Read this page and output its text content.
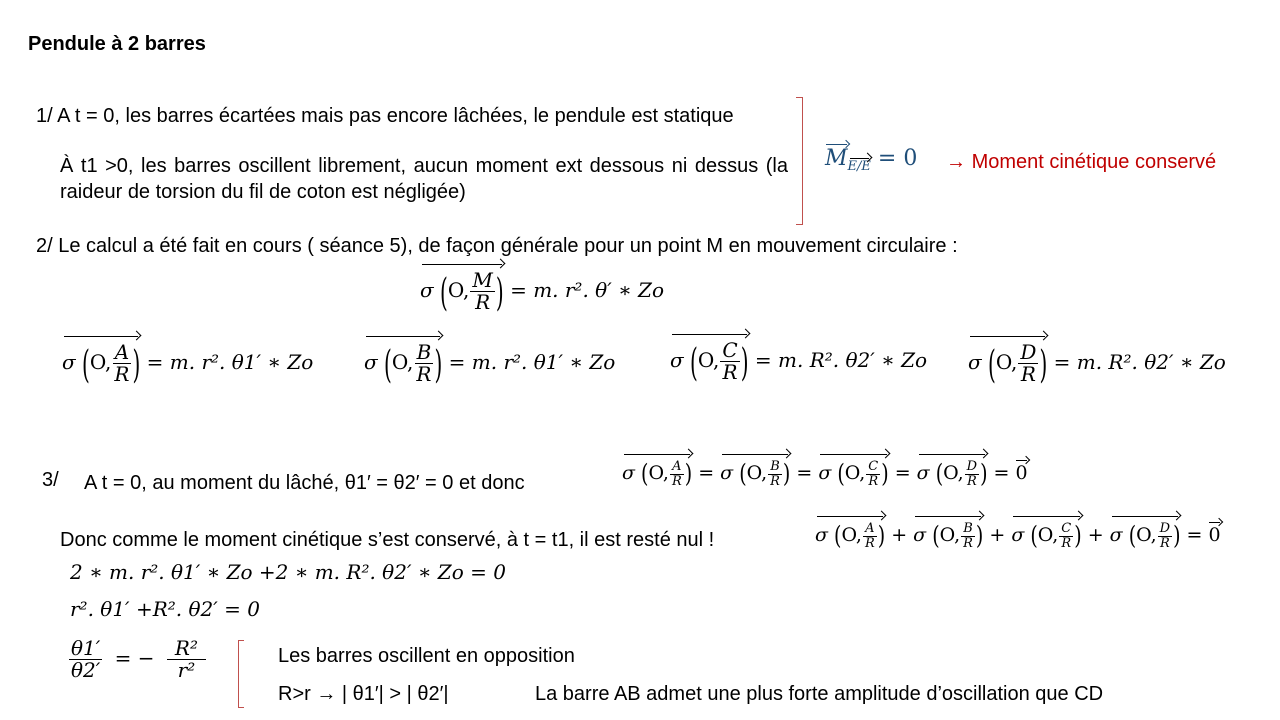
Pendule à 2 barres
1/ A t = 0, les barres écartées mais pas encore lâchées, le pendule est statique
À t1 >0, les barres oscillent librement, aucun moment ext dessous ni dessus (la raideur de torsion du fil de coton est négligée)
$M_{E/E} = 0$ → Moment cinétique conservé
2/ Le calcul a été fait en cours ( séance 5), de façon générale pour un point M en mouvement circulaire :
σ (O, $\frac{M}{R}$ ) = m. r². θ′ ∗ Zo
σ (O, $\frac{A}{R}$ ) = m. r². θ1′ ∗ Zo	σ (O, $\frac{B}{R}$ ) = m. r². θ1′ ∗ Zo	σ (O, $\frac{C}{R}$ ) = m. R². θ2′ ∗ Zo σ (O, $\frac{D}{R}$ ) = m. R². θ2′ ∗ Zo
3/ A t = 0, au moment du lâché, θ1′ = θ2′ = 0 et donc	σ (O, $\frac{A}{R}$ ) = σ (O, $\frac{B}{R}$ ) = σ (O, $\frac{C}{R}$ ) = σ (O, $\frac{D}{R}$ ) = 0
Donc comme le moment cinétique s’est conservé, à t = t1, il est resté nul !	σ (O, $\frac{A}{R}$ ) + σ (O, $\frac{B}{R}$ ) + σ (O, $\frac{C}{R}$ ) + σ (O, $\frac{D}{R}$ ) = 0
2 ∗ m. r². θ1′ ∗ Zo +2 ∗ m. R². θ2′ ∗ Zo = 0
r². θ1′ +R². θ2′ = 0
$\frac{\theta 1'}{\theta 2'}$ = − $\frac{\text{R²}}{\text{r²}}$	Les barres oscillent en opposition
R>r → | θ1′| > | θ2′|	La barre AB admet une plus forte amplitude d’oscillation que CD
